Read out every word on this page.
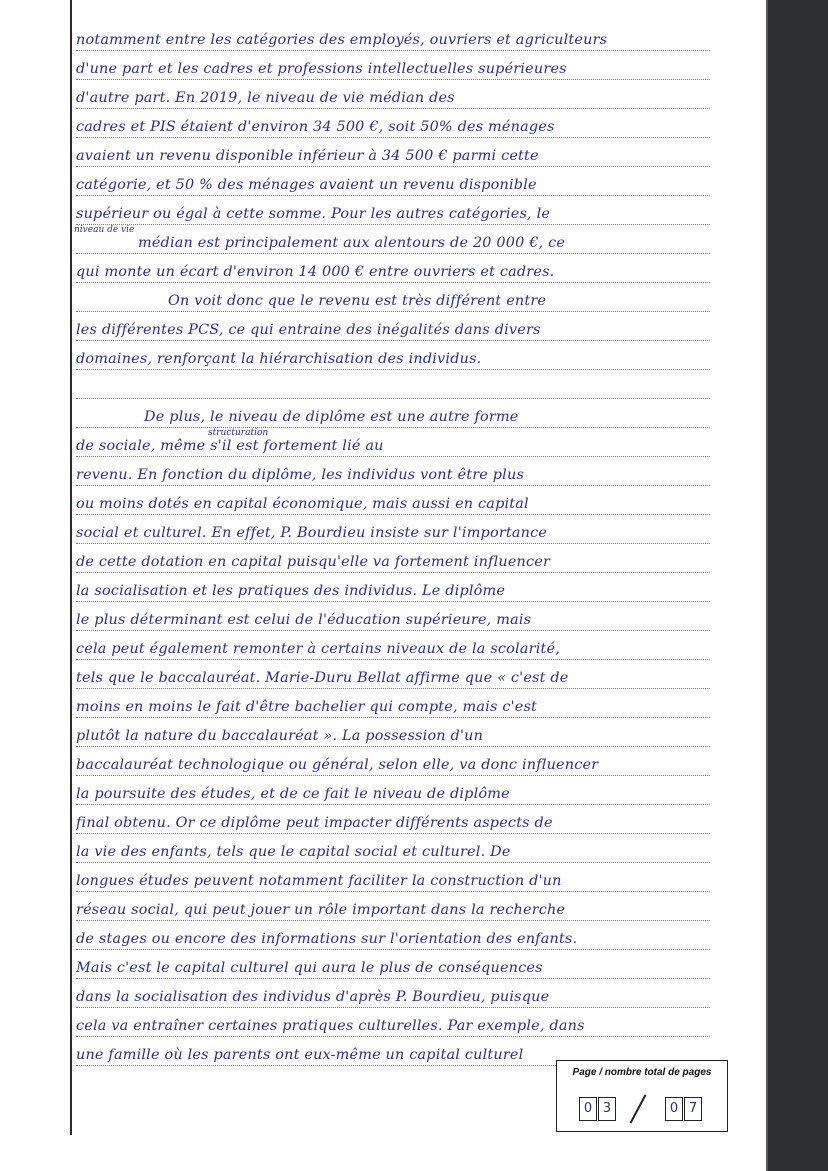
notamment entre les catégories des employés, ouvriers et agriculteurs
d'une part et les cadres et professions intellectuelles supérieures
d'autre part. En 2019, le niveau de vie médian des
cadres et PIS étaient d'environ 34 500 €, soit 50% des ménages
avaient un revenu disponible inférieur à 34 500 € parmi cette
catégorie, et 50 % des ménages avaient un revenu disponible
supérieur ou égal à cette somme. Pour les autres catégories, le
médian est principalement aux alentours de 20 000 €, ce
qui monte un écart d'environ 14 000 € entre ouvriers et cadres.
On voit donc que le revenu est très différent entre
les différentes PCS, ce qui entraine des inégalités dans divers
domaines, renforçant la hiérarchisation des individus.
De plus, le niveau de diplôme est une autre forme
de sociale, même s'il est fortement lié au
revenu. En fonction du diplôme, les individus vont être plus
ou moins dotés en capital économique, mais aussi en capital
social et culturel. En effet, P. Bourdieu insiste sur l'importance
de cette dotation en capital puisqu'elle va fortement influencer
la socialisation et les pratiques des individus. Le diplôme
le plus déterminant est celui de l'éducation supérieure, mais
cela peut également remonter à certains niveaux de la scolarité,
tels que le baccalauréat. Marie-Duru Bellat affirme que « c'est de
moins en moins le fait d'être bachelier qui compte, mais c'est
plutôt la nature du baccalauréat ». La possession d'un
baccalauréat technologique ou général, selon elle, va donc influencer
la poursuite des études, et de ce fait le niveau de diplôme
final obtenu. Or ce diplôme peut impacter différents aspects de
la vie des enfants, tels que le capital social et culturel. De
longues études peuvent notamment faciliter la construction d'un
réseau social, qui peut jouer un rôle important dans la recherche
de stages ou encore des informations sur l'orientation des enfants.
Mais c'est le capital culturel qui aura le plus de conséquences
dans la socialisation des individus d'après P. Bourdieu, puisque
cela va entraîner certaines pratiques culturelles. Par exemple, dans
une famille où les parents ont eux-même un capital culturel
niveau de vie
structuration
Page / nombre total de pages
0 3	0 7
